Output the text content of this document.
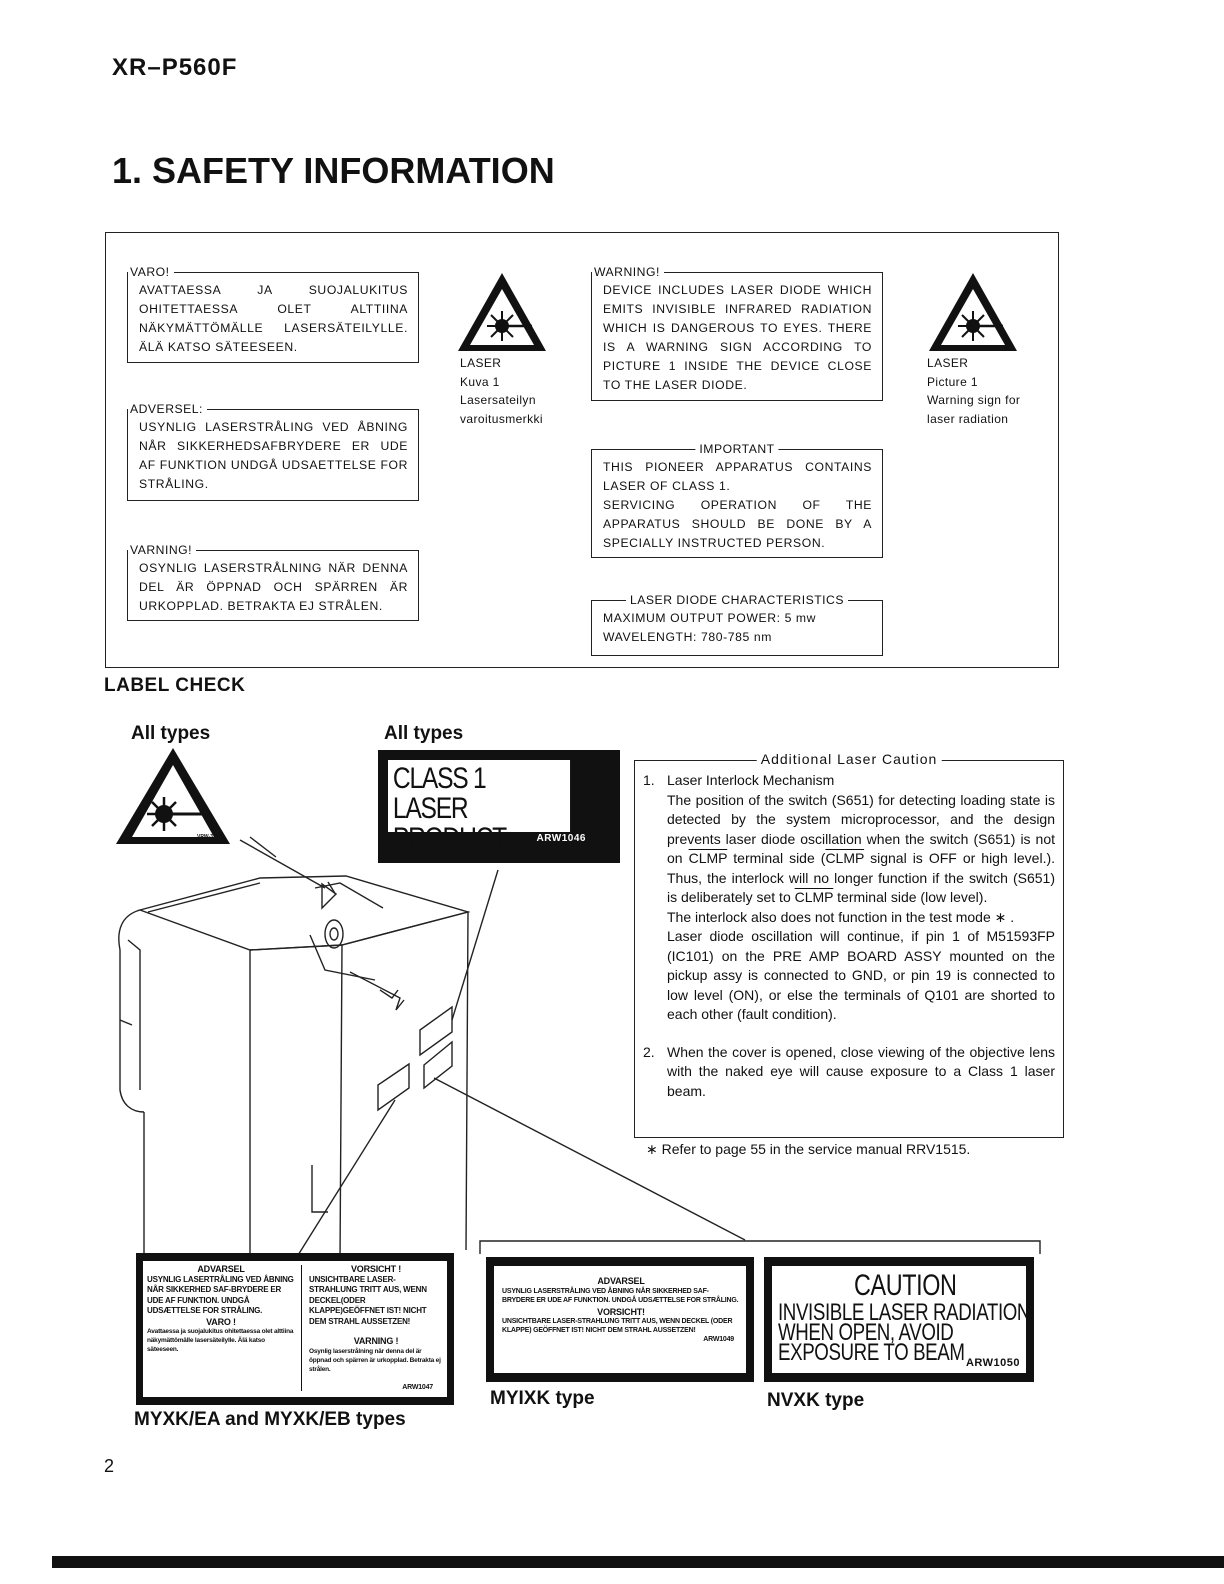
XR–P560F
1. SAFETY INFORMATION
VARO!

AVATTAESSA JA SUOJALUKITUS OHITETTAESSA OLET ALTTIINA NÄKYMÄTTÖMÄLLE LASERSÄTEILYLLE. ÄLÄ KATSO SÄTEESEEN.

ADVERSEL:

USYNLIG LASERSTRÅLING VED ÅBNING NÅR SIKKERHEDSAFBRYDERE ER UDE AF FUNKTION UNDGÅ UDSAETTELSE FOR STRÅLING.

VARNING!

OSYNLIG LASERSTRÅLNING NÄR DENNA DEL ÄR ÖPPNAD OCH SPÄRREN ÄR URKOPPLAD. BETRAKTA EJ STRÅLEN.

LASER
Kuva 1
Lasersateilyn
varoitusmerkki
WARNING!

DEVICE INCLUDES LASER DIODE WHICH EMITS INVISIBLE INFRARED RADIATION WHICH IS DANGEROUS TO EYES. THERE IS A WARNING SIGN ACCORDING TO PICTURE 1 INSIDE THE DEVICE CLOSE TO THE LASER DIODE.

IMPORTANT

THIS PIONEER APPARATUS CONTAINS LASER OF CLASS 1.

SERVICING OPERATION OF THE APPARATUS SHOULD BE DONE BY A SPECIALLY INSTRUCTED PERSON.

LASER DIODE CHARACTERISTICS

MAXIMUM OUTPUT POWER: 5 mw

WAVELENGTH: 780-785 nm

LASER
Picture 1
Warning sign for
laser radiation
LABEL CHECK
All types	All types
VRW-379
CLASS 1
LASER PRODUCT	ARW1046
Additional Laser Caution
1. Laser Interlock Mechanism

The position of the switch (S651) for detecting loading state is detected by the system microprocessor, and the design prevents laser diode oscillation when the switch (S651) is not on CLMP terminal side (CLMP signal is OFF or high level.). Thus, the interlock will no longer function if the switch (S651) is deliberately set to CLMP terminal side (low level).

The interlock also does not function in the test mode ∗ .

Laser diode oscillation will continue, if pin 1 of M51593FP (IC101) on the PRE AMP BOARD ASSY mounted on the pickup assy is connected to GND, or pin 19 is connected to low level (ON), or else the terminals of Q101 are shorted to each other (fault condition).

2. When the cover is opened, close viewing of the objective lens with the naked eye will cause exposure to a Class 1 laser beam.

∗ Refer to page 55 in the service manual RRV1515.
ADVARSEL
USYNLIG LASERTRÅLING VED ÅBNING NÅR SIKKERHED SAF-BRYDERE ER UDE AF FUNKTION. UNDGÅ UDSÆTTELSE FOR STRÅLING.
VARO !
Avattaessa ja suojalukitus ohitettaessa olet alttiina näkymättömälle lasersäteilylle. Älä katso säteeseen.
VORSICHT !
UNSICHTBARE LASER-STRAHLUNG TRITT AUS, WENN DECKEL(ODER KLAPPE)GEÖFFNET IST! NICHT DEM STRAHL AUSSETZEN!
VARNING !
Osynlig laserstrålning när denna del är öppnad och spärren är urkopplad. Betrakta ej strålen.
ARW1047
MYXK/EA and MYXK/EB types
ADVARSEL
USYNLIG LASERSTRÅLING VED ÅBNING NÅR SIKKERHED SAF-BRYDERE ER UDE AF FUNKTION. UNDGÅ UDSÆTTELSE FOR STRÅLING.
VORSICHT!
UNSICHTBARE LASER-STRAHLUNG TRITT AUS, WENN DECKEL (ODER KLAPPE) GEÖFFNET IST! NICHT DEM STRAHL AUSSETZEN!
ARW1049
MYIXK type
CAUTION
INVISIBLE LASER RADIATION
WHEN OPEN, AVOID
EXPOSURE TO BEAM ARW1050
NVXK type
2
